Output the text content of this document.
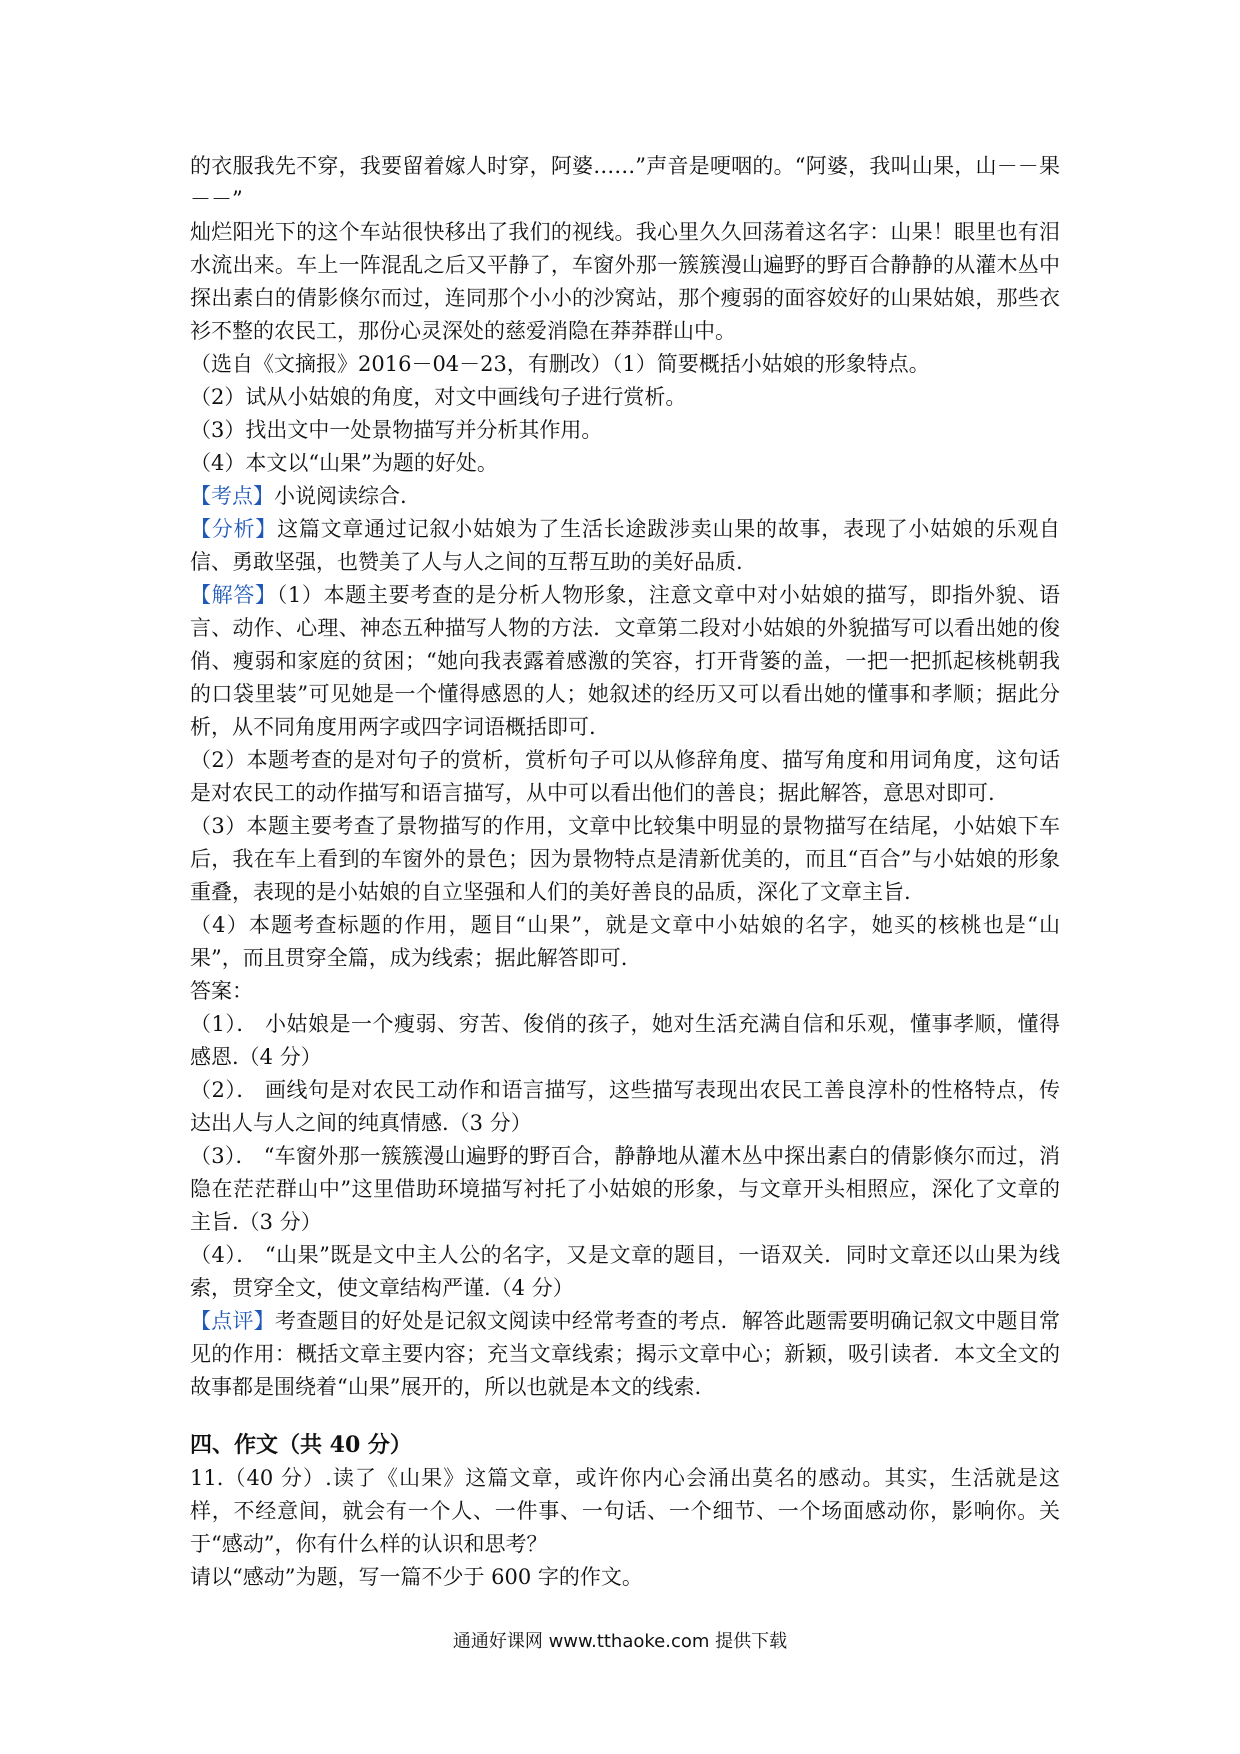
的衣服我先不穿，我要留着嫁人时穿，阿婆……”声音是哽咽的。“阿婆，我叫山果，山－－果－－”

灿烂阳光下的这个车站很快移出了我们的视线。我心里久久回荡着这名字：山果！眼里也有泪水流出来。车上一阵混乱之后又平静了，车窗外那一簇簇漫山遍野的野百合静静的从灌木丛中探出素白的倩影倏尔而过，连同那个小小的沙窝站，那个瘦弱的面容姣好的山果姑娘，那些衣衫不整的农民工，那份心灵深处的慈爱消隐在莽莽群山中。

（选自《文摘报》2016－04－23，有删改）（1）简要概括小姑娘的形象特点。

（2）试从小姑娘的角度，对文中画线句子进行赏析。

（3）找出文中一处景物描写并分析其作用。

（4）本文以“山果”为题的好处。

【考点】小说阅读综合.

【分析】这篇文章通过记叙小姑娘为了生活长途跋涉卖山果的故事，表现了小姑娘的乐观自信、勇敢坚强，也赞美了人与人之间的互帮互助的美好品质.

【解答】（1）本题主要考查的是分析人物形象，注意文章中对小姑娘的描写，即指外貌、语言、动作、心理、神态五种描写人物的方法．文章第二段对小姑娘的外貌描写可以看出她的俊俏、瘦弱和家庭的贫困；“她向我表露着感激的笑容，打开背篓的盖，一把一把抓起核桃朝我的口袋里装”可见她是一个懂得感恩的人；她叙述的经历又可以看出她的懂事和孝顺；据此分析，从不同角度用两字或四字词语概括即可.

（2）本题考查的是对句子的赏析，赏析句子可以从修辞角度、描写角度和用词角度，这句话是对农民工的动作描写和语言描写，从中可以看出他们的善良；据此解答，意思对即可.

（3）本题主要考查了景物描写的作用，文章中比较集中明显的景物描写在结尾，小姑娘下车后，我在车上看到的车窗外的景色；因为景物特点是清新优美的，而且“百合”与小姑娘的形象重叠，表现的是小姑娘的自立坚强和人们的美好善良的品质，深化了文章主旨.

（4）本题考查标题的作用，题目“山果”，就是文章中小姑娘的名字，她买的核桃也是“山果”，而且贯穿全篇，成为线索；据此解答即可.

答案：

（1）． 小姑娘是一个瘦弱、穷苦、俊俏的孩子，她对生活充满自信和乐观，懂事孝顺，懂得感恩.（4 分）

（2）． 画线句是对农民工动作和语言描写，这些描写表现出农民工善良淳朴的性格特点，传达出人与人之间的纯真情感.（3 分）

（3）． “车窗外那一簇簇漫山遍野的野百合，静静地从灌木丛中探出素白的倩影倏尔而过，消隐在茫茫群山中”这里借助环境描写衬托了小姑娘的形象，与文章开头相照应，深化了文章的主旨.（3 分）

（4）． “山果”既是文中主人公的名字，又是文章的题目，一语双关．同时文章还以山果为线索，贯穿全文，使文章结构严谨.（4 分）

【点评】考查题目的好处是记叙文阅读中经常考查的考点．解答此题需要明确记叙文中题目常见的作用：概括文章主要内容；充当文章线索；揭示文章中心；新颖，吸引读者．本文全文的故事都是围绕着“山果”展开的，所以也就是本文的线索.

四、作文（共 40 分）

11.（40 分）.读了《山果》这篇文章，或许你内心会涌出莫名的感动。其实，生活就是这样，不经意间，就会有一个人、一件事、一句话、一个细节、一个场面感动你，影响你。关于“感动”，你有什么样的认识和思考？

请以“感动”为题，写一篇不少于 600 字的作文。

通通好课网 www.tthaoke.com 提供下载
